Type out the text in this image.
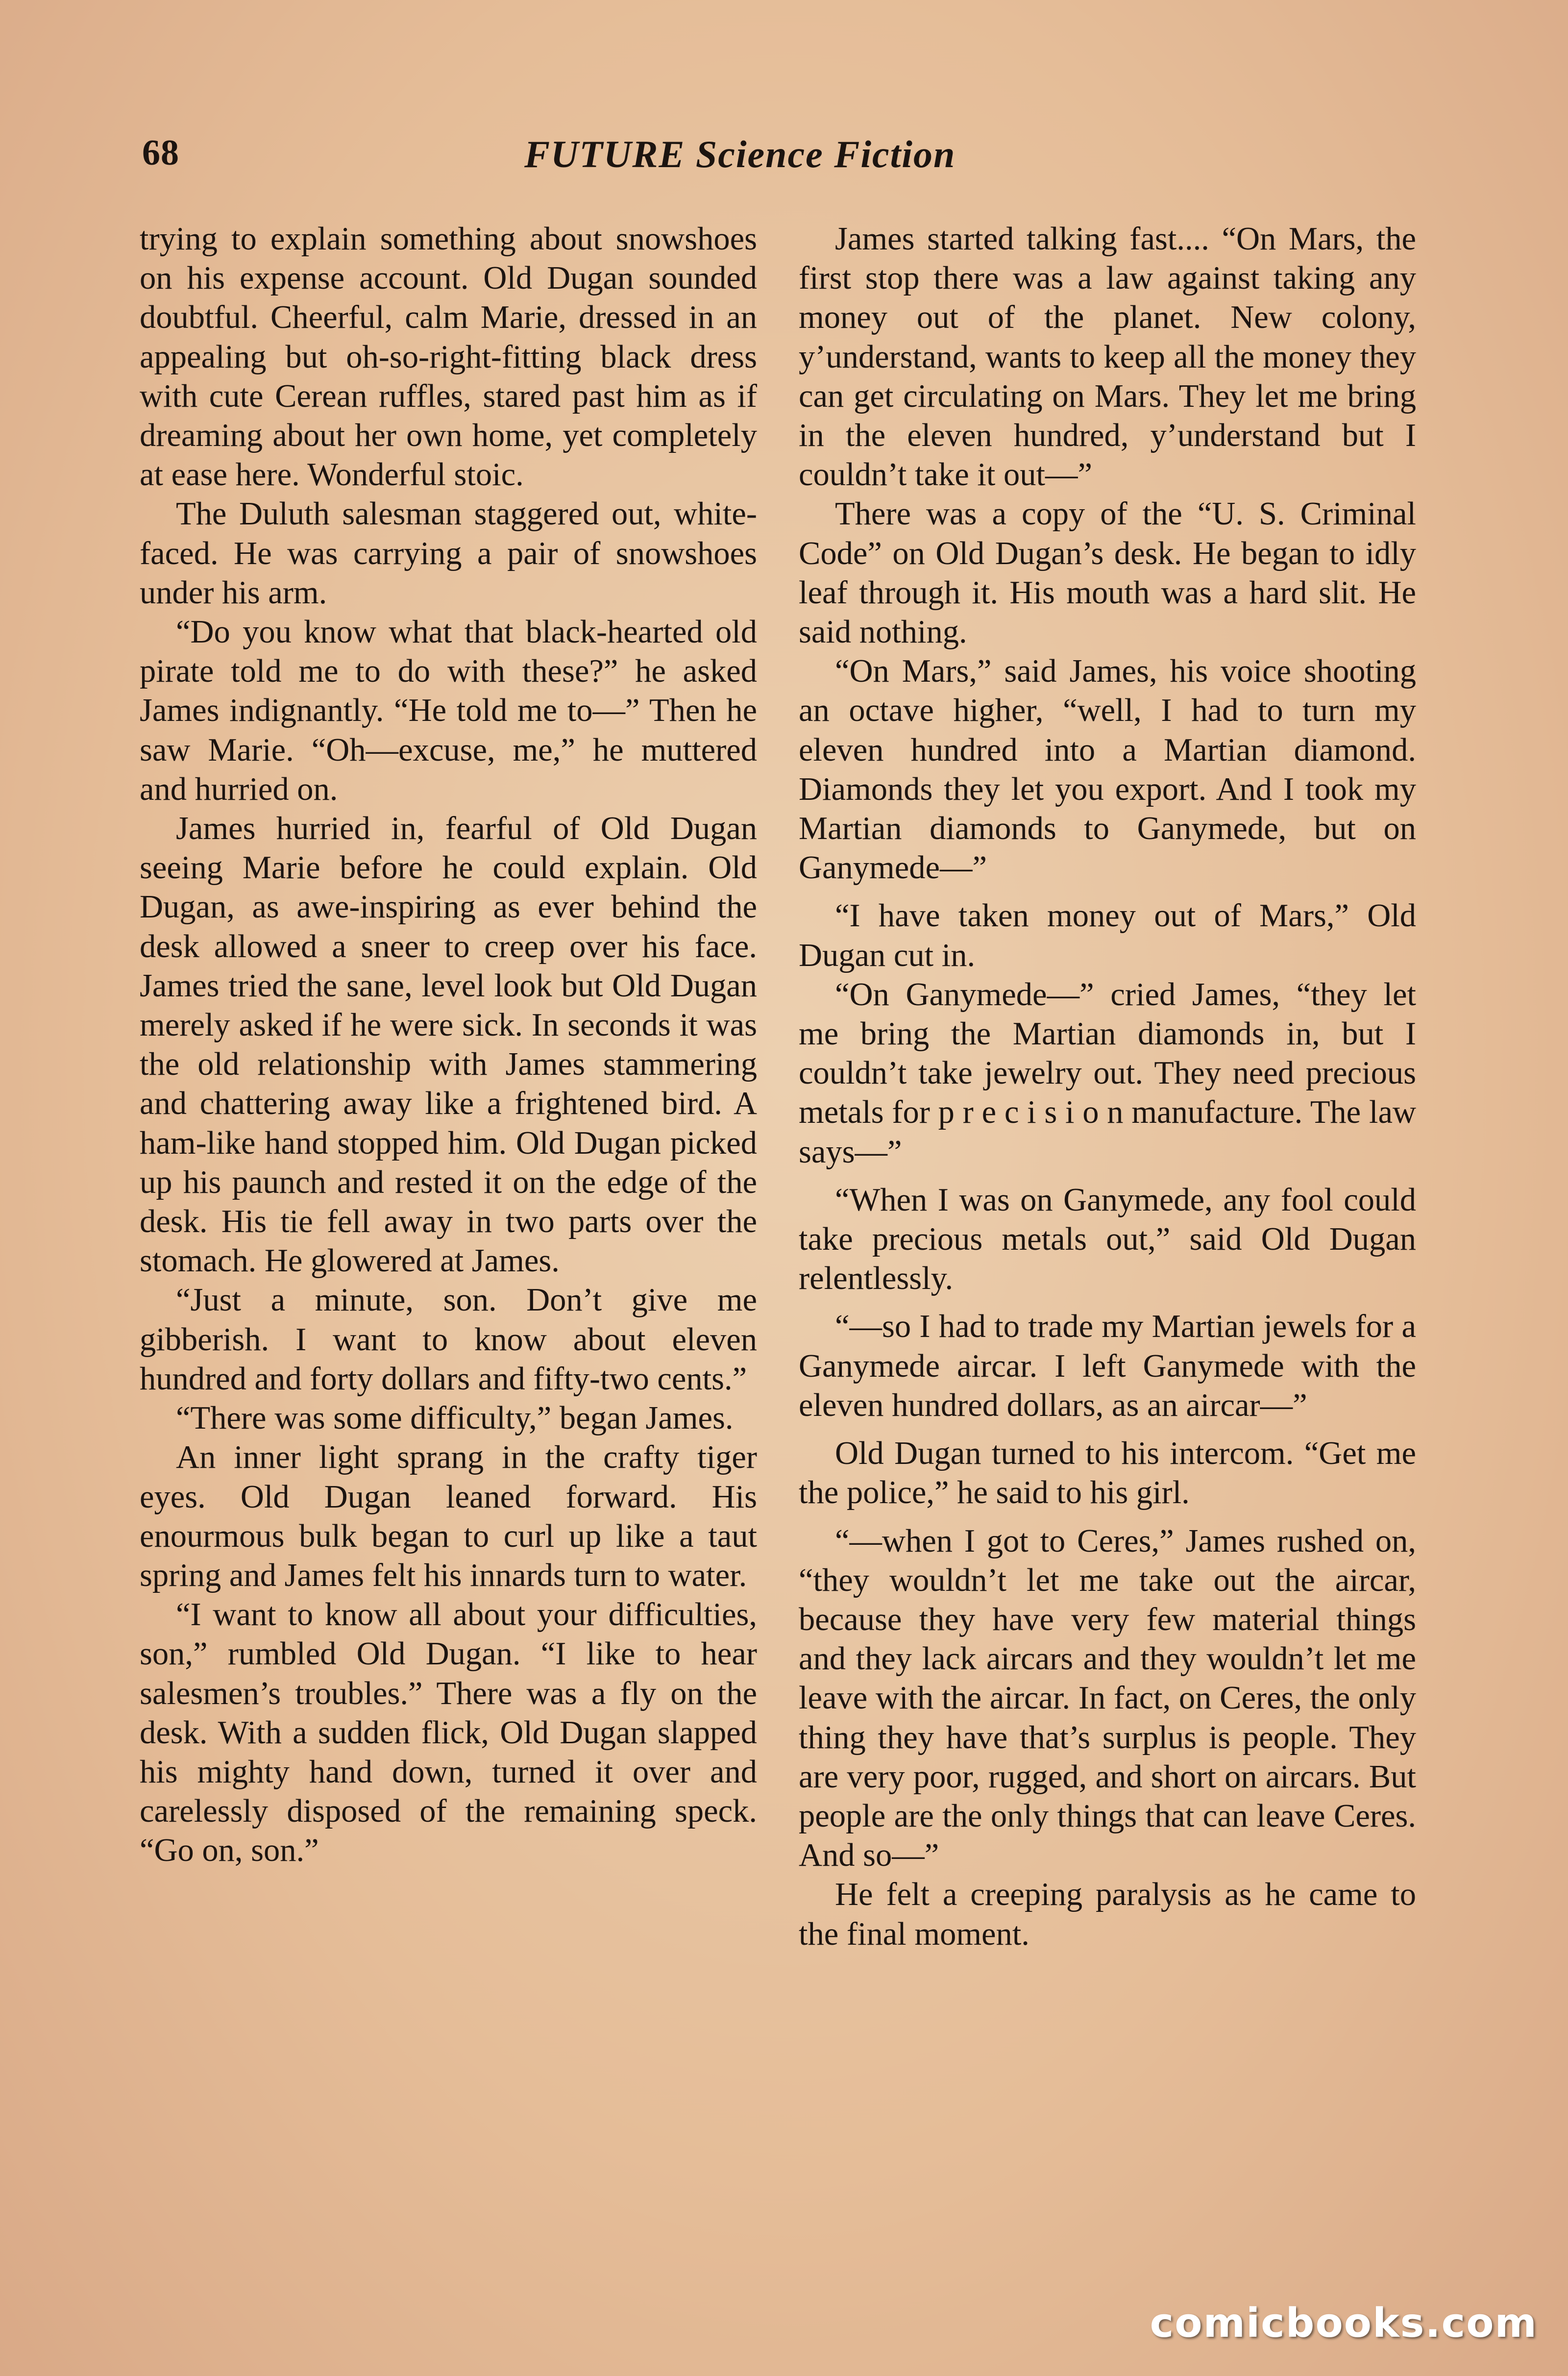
68	FUTURE Science Fiction

trying to explain something about snowshoes on his expense account. Old Dugan sounded doubtful. Cheerful, calm Marie, dressed in an appealing but oh-so-right-fitting black dress with cute Cerean ruffles, stared past him as if dreaming about her own home, yet completely at ease here. Wonderful stoic.

The Duluth salesman staggered out, white-faced. He was carrying a pair of snowshoes under his arm.

“Do you know what that black-hearted old pirate told me to do with these?” he asked James indignantly. “He told me to—” Then he saw Marie. “Oh—excuse, me,” he muttered and hurried on.

James hurried in, fearful of Old Dugan seeing Marie before he could explain. Old Dugan, as awe-inspiring as ever behind the desk allowed a sneer to creep over his face. James tried the sane, level look but Old Dugan merely asked if he were sick. In seconds it was the old relationship with James stammering and chattering away like a frightened bird. A ham-like hand stopped him. Old Dugan picked up his paunch and rested it on the edge of the desk. His tie fell away in two parts over the stomach. He glowered at James.

“Just a minute, son. Don’t give me gibberish. I want to know about eleven hundred and forty dollars and fifty-two cents.”

“There was some difficulty,” began James.

An inner light sprang in the crafty tiger eyes. Old Dugan leaned forward. His enourmous bulk began to curl up like a taut spring and James felt his innards turn to water.

“I want to know all about your difficulties, son,” rumbled Old Dugan. “I like to hear salesmen’s troubles.” There was a fly on the desk. With a sudden flick, Old Dugan slapped his mighty hand down, turned it over and carelessly disposed of the remaining speck. “Go on, son.”

James started talking fast.... “On Mars, the first stop there was a law against taking any money out of the planet. New colony, y’understand, wants to keep all the money they can get circulating on Mars. They let me bring in the eleven hundred, y’understand but I couldn’t take it out—”

There was a copy of the “U. S. Criminal Code” on Old Dugan’s desk. He began to idly leaf through it. His mouth was a hard slit. He said nothing.

“On Mars,” said James, his voice shooting an octave higher, “well, I had to turn my eleven hundred into a Martian diamond. Diamonds they let you export. And I took my Martian diamonds to Ganymede, but on Ganymede—”

“I have taken money out of Mars,” Old Dugan cut in.

“On Ganymede—” cried James, “they let me bring the Martian diamonds in, but I couldn’t take jewelry out. They need precious metals for p r e c i s i o n manufacture. The law says—”

“When I was on Ganymede, any fool could take precious metals out,” said Old Dugan relentlessly.

“—so I had to trade my Martian jewels for a Ganymede aircar. I left Ganymede with the eleven hundred dollars, as an aircar—”

Old Dugan turned to his intercom. “Get me the police,” he said to his girl.

“—when I got to Ceres,” James rushed on, “they wouldn’t let me take out the aircar, because they have very few material things and they lack aircars and they wouldn’t let me leave with the aircar. In fact, on Ceres, the only thing they have that’s surplus is people. They are very poor, rugged, and short on aircars. But people are the only things that can leave Ceres. And so—”

He felt a creeping paralysis as he came to the final moment.

comicbooks.com
